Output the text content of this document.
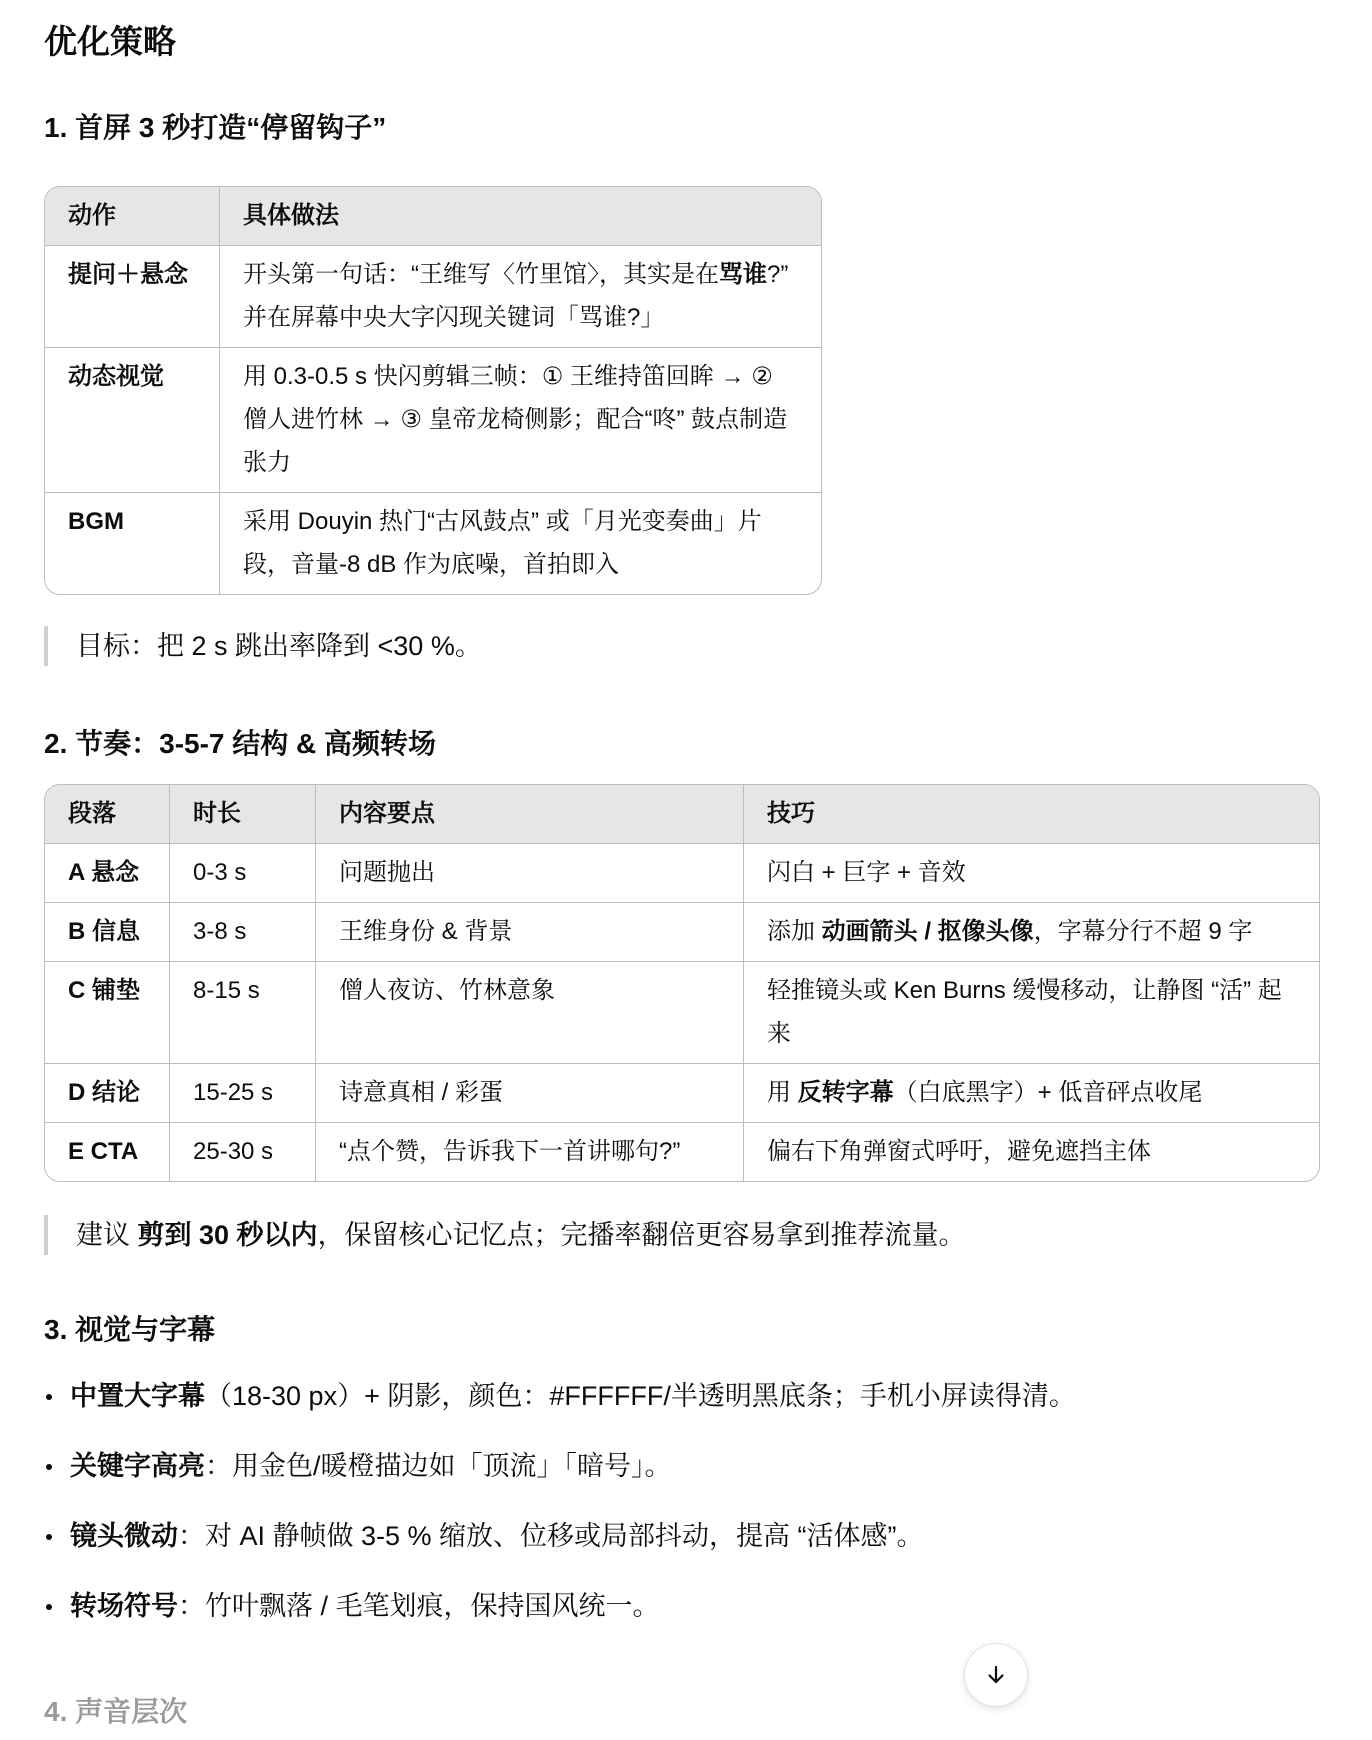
优化策略
1. 首屏 3 秒打造“停留钩子”
动作	具体做法
提问＋悬念	开头第一句话：“王维写〈竹里馆〉，其实是在骂谁?” 并在屏幕中央大字闪现关键词「骂谁?」
动态视觉	用 0.3-0.5 s 快闪剪辑三帧：① 王维持笛回眸 → ② 僧人进竹林 → ③ 皇帝龙椅侧影；配合“咚” 鼓点制造张力
BGM	采用 Douyin 热门“古风鼓点” 或「月光变奏曲」片段，音量-8 dB 作为底噪，首拍即入
目标：把 2 s 跳出率降到 <30 %。
2. 节奏：3-5-7 结构 & 高频转场
段落	时长	内容要点	技巧
A 悬念	0-3 s	问题抛出	闪白 + 巨字 + 音效
B 信息	3-8 s	王维身份 & 背景	添加 动画箭头 / 抠像头像，字幕分行不超 9 字
C 铺垫	8-15 s	僧人夜访、竹林意象	轻推镜头或 Ken Burns 缓慢移动，让静图 “活” 起来
D 结论	15-25 s	诗意真相 / 彩蛋	用 反转字幕（白底黑字）+ 低音砰点收尾
E CTA	25-30 s	“点个赞，告诉我下一首讲哪句?”	偏右下角弹窗式呼吁，避免遮挡主体
建议 剪到 30 秒以内，保留核心记忆点；完播率翻倍更容易拿到推荐流量。
3. 视觉与字幕
中置大字幕（18-30 px）+ 阴影，颜色：#FFFFFF/半透明黑底条；手机小屏读得清。
关键字高亮：用金色/暖橙描边如「顶流」「暗号」。
镜头微动：对 AI 静帧做 3-5 % 缩放、位移或局部抖动，提高 “活体感”。
转场符号：竹叶飘落 / 毛笔划痕，保持国风统一。
4. 声音层次
